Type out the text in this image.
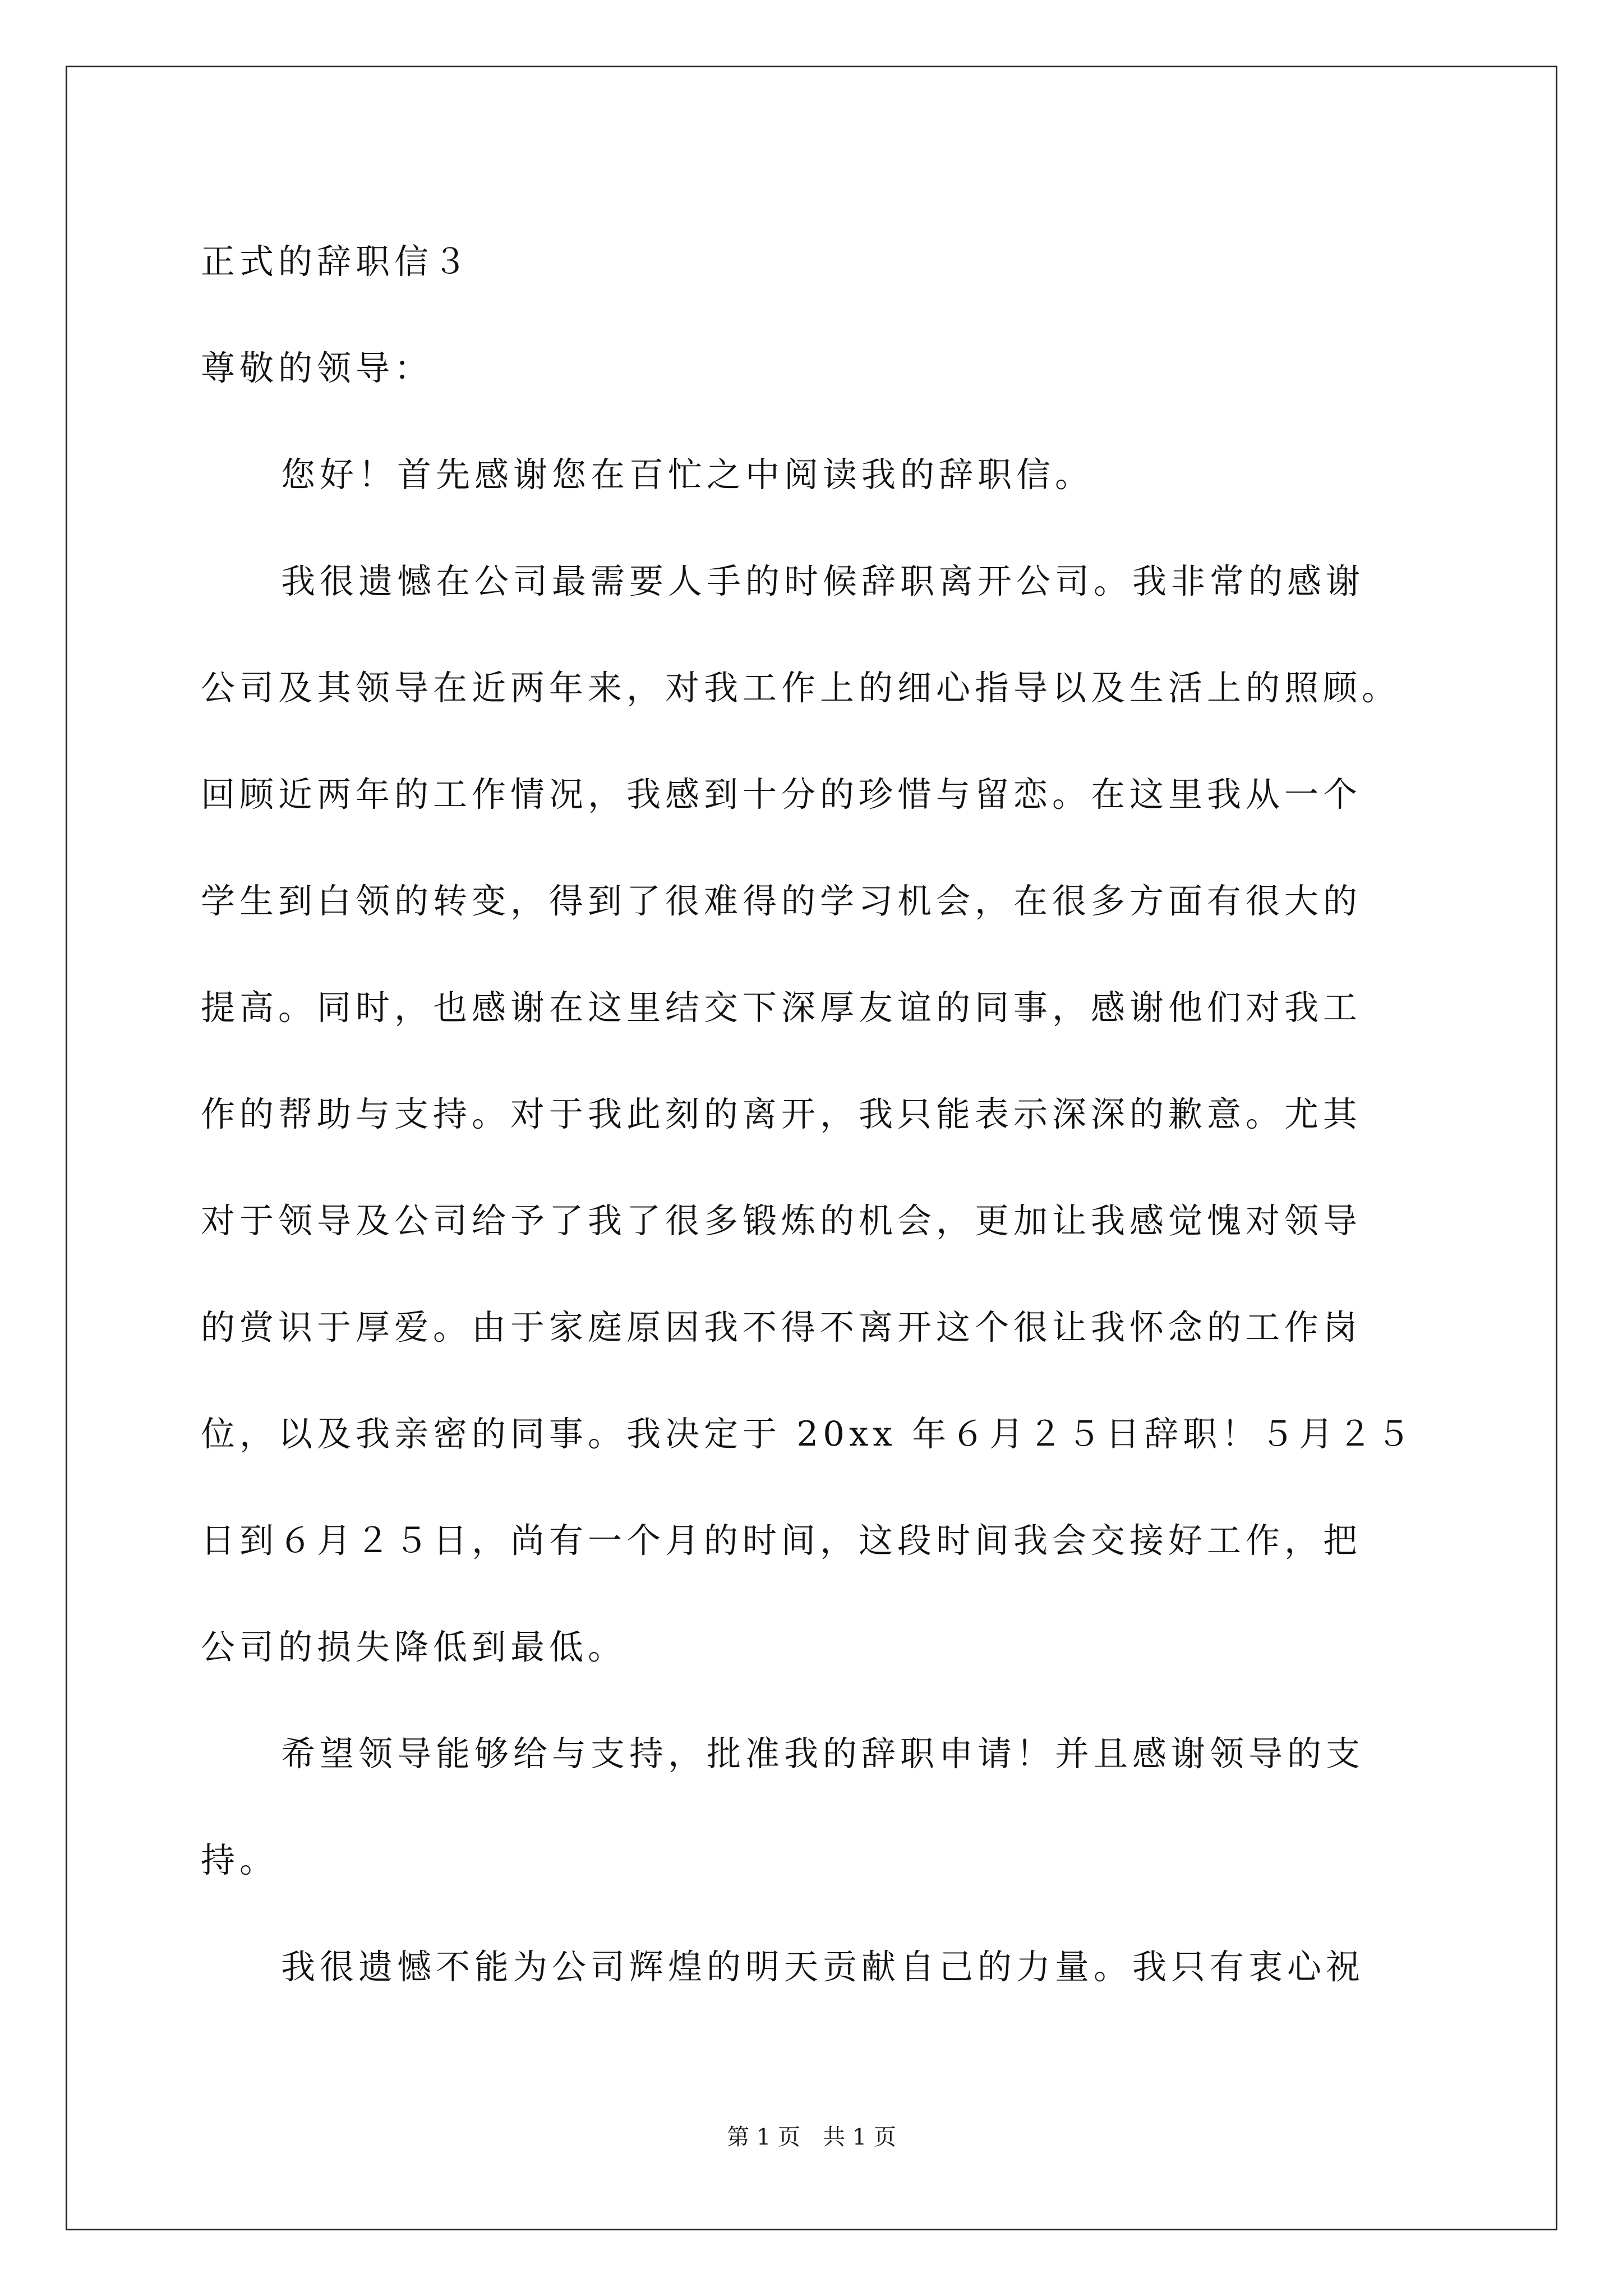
正式的辞职信３
尊敬的领导：
您好！首先感谢您在百忙之中阅读我的辞职信。
我很遗憾在公司最需要人手的时候辞职离开公司。我非常的感谢
公司及其领导在近两年来，对我工作上的细心指导以及生活上的照顾。
回顾近两年的工作情况，我感到十分的珍惜与留恋。在这里我从一个
学生到白领的转变，得到了很难得的学习机会，在很多方面有很大的
提高。同时，也感谢在这里结交下深厚友谊的同事，感谢他们对我工
作的帮助与支持。对于我此刻的离开，我只能表示深深的歉意。尤其
对于领导及公司给予了我了很多锻炼的机会，更加让我感觉愧对领导
的赏识于厚爱。由于家庭原因我不得不离开这个很让我怀念的工作岗
位，以及我亲密的同事。我决定于 20xx 年６月２５日辞职！５月２５
日到６月２５日，尚有一个月的时间，这段时间我会交接好工作，把
公司的损失降低到最低。
希望领导能够给与支持，批准我的辞职申请！并且感谢领导的支
持。
我很遗憾不能为公司辉煌的明天贡献自己的力量。我只有衷心祝
第 1 页　共 1 页
